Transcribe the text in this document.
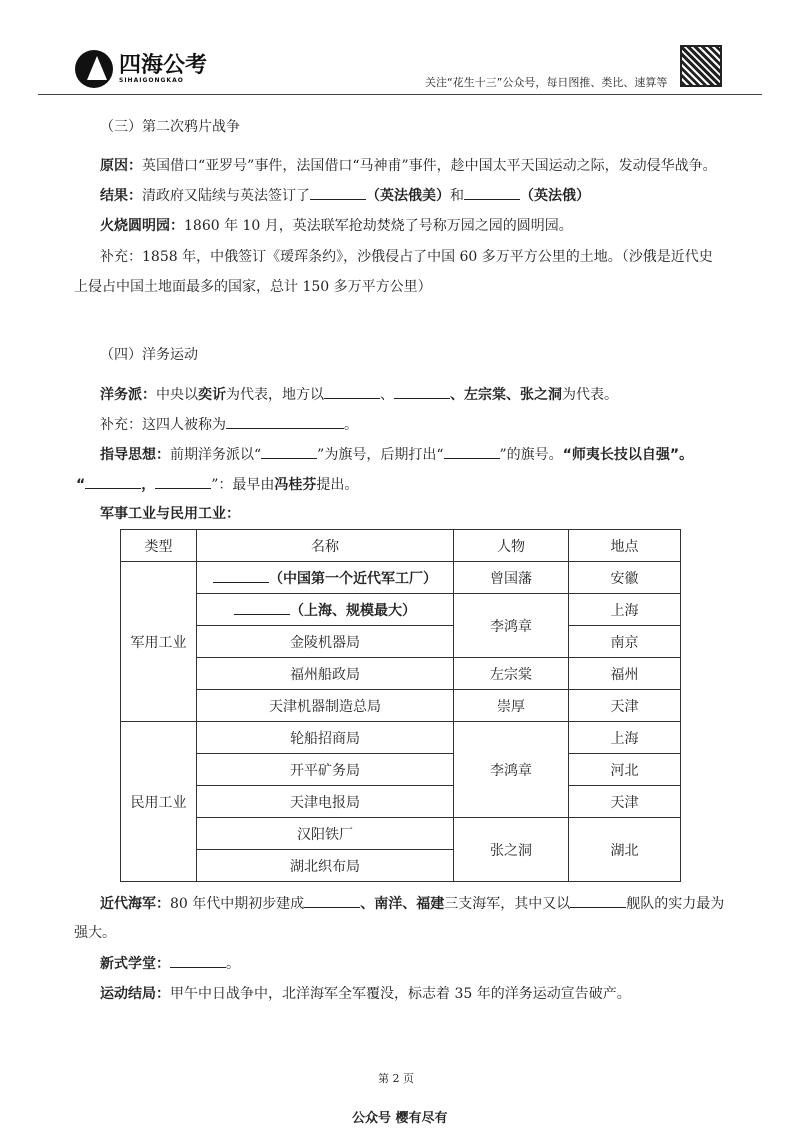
四海公考
SIHAIGONGKAO	关注“花生十三”公众号，每日图推、类比、速算等
（三）第二次鸦片战争
原因：英国借口“亚罗号”事件，法国借口“马神甫”事件，趁中国太平天国运动之际，发动侵华战争。
结果：清政府又陆续与英法签订了	（英法俄美）和	（英法俄）
火烧圆明园：1860 年 10 月，英法联军抢劫焚烧了号称万园之园的圆明园。
补充：1858 年，中俄签订《瑷珲条约》，沙俄侵占了中国 60 多万平方公里的土地。（沙俄是近代史
上侵占中国土地面最多的国家，总计 150 多万平方公里）
（四）洋务运动
洋务派：中央以奕䜣为代表，地方以	、	、左宗棠、张之洞为代表。
补充：这四人被称为	。
指导思想：前期洋务派以“	”为旗号，后期打出“	”的旗号。“师夷长技以自强”。
“	，	”：最早由冯桂芬提出。
军事工业与民用工业：
类型	名称	人物	地点
军用工业	（中国第一个近代军工厂）	曾国藩	安徽
	（上海、规模最大）	李鸿章	上海
	金陵机器局		南京
	福州船政局	左宗棠	福州
	天津机器制造总局	崇厚	天津
民用工业	轮船招商局	李鸿章	上海
	开平矿务局		河北
	天津电报局		天津
	汉阳铁厂	张之洞	湖北
	湖北织布局		
近代海军：80 年代中期初步建成	、南洋、福建三支海军，其中又以	舰队的实力最为
强大。
新式学堂：	。
运动结局：甲午中日战争中，北洋海军全军覆没，标志着 35 年的洋务运动宣告破产。
第 2 页
公众号 樱有尽有
